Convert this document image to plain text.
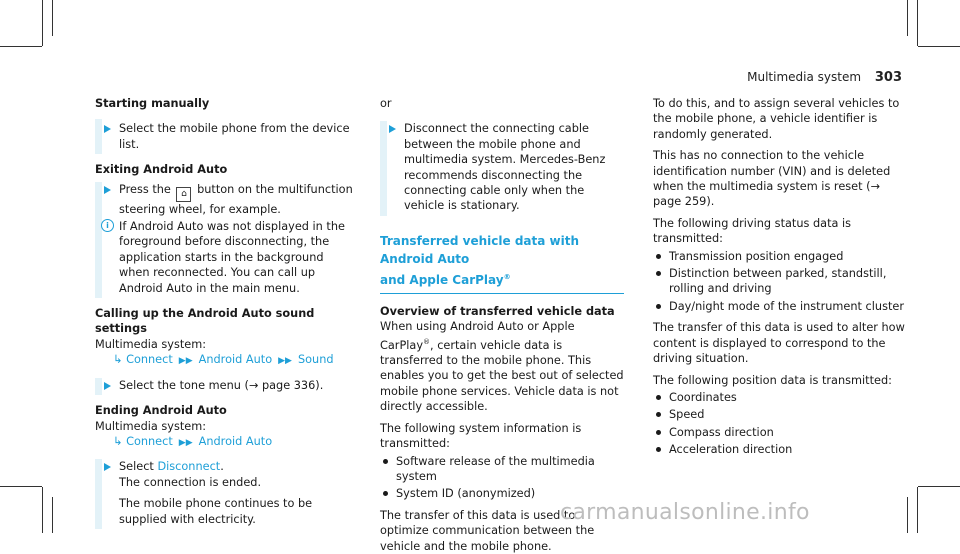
Multimedia system 303

Starting manually

Select the mobile phone from the device list.

Exiting Android Auto

Press the ⌂ button on the multifunction steering wheel, for example.

i If Android Auto was not displayed in the foreground before disconnecting, the application starts in the background when reconnected. You can call up Android Auto in the main menu.

Calling up the Android Auto sound settings

Multimedia system:

↳ Connect ▶▶ Android Auto ▶▶ Sound

Select the tone menu (→ page 336).

Ending Android Auto

Multimedia system:

↳ Connect ▶▶ Android Auto

Select Disconnect.

The connection is ended.

The mobile phone continues to be supplied with electricity.

or

Disconnect the connecting cable between the mobile phone and multimedia system. Mercedes-Benz recommends disconnecting the connecting cable only when the vehicle is stationary.

Transferred vehicle data with Android Auto
and Apple CarPlay®

Overview of transferred vehicle data

When using Android Auto or Apple CarPlay®, certain vehicle data is transferred to the mobile phone. This enables you to get the best out of selected mobile phone services. Vehicle data is not directly accessible.

The following system information is transmitted:

Software release of the multimedia system
System ID (anonymized)

The transfer of this data is used to optimize communication between the vehicle and the mobile phone.

To do this, and to assign several vehicles to the mobile phone, a vehicle identifier is randomly generated.

This has no connection to the vehicle identification number (VIN) and is deleted when the multimedia system is reset (→ page 259).

The following driving status data is transmitted:

Transmission position engaged
Distinction between parked, standstill, rolling and driving
Day/night mode of the instrument cluster

The transfer of this data is used to alter how content is displayed to correspond to the driving situation.

The following position data is transmitted:

Coordinates
Speed
Compass direction
Acceleration direction
carmanualsonline.info
